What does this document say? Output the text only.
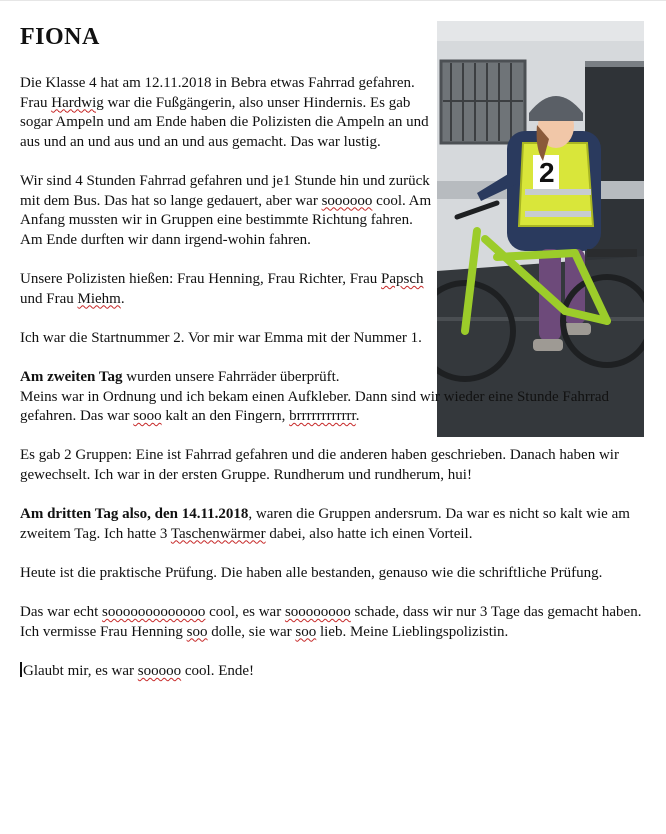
FIONA
2

Die Klasse 4 hat am 12.11.2018 in Bebra etwas Fahrrad gefahren. Frau Hardwig war die Fußgängerin, also unser Hindernis. Es gab sogar Ampeln und am Ende haben die Polizisten die Ampeln an und aus und an und aus und an und aus gemacht. Das war lustig.

Wir sind 4 Stunden Fahrrad gefahren und je1 Stunde hin und zurück mit dem Bus. Das hat so lange gedauert, aber war soooooo cool. Am Anfang mussten wir in Gruppen eine bestimmte Richtung fahren. Am Ende durften wir dann irgend-wohin fahren.

Unsere Polizisten hießen: Frau Henning, Frau Richter, Frau Papsch und Frau Miehm.

Ich war die Startnummer 2. Vor mir war Emma mit der Nummer 1.

Am zweiten Tag wurden unsere Fahrräder überprüft.
Meins war in Ordnung und ich bekam einen Aufkleber. Dann sind wir wieder eine Stunde Fahrrad gefahren. Das war sooo kalt an den Fingern, brrrrrrrrrrrr.

Es gab 2 Gruppen: Eine ist Fahrrad gefahren und die anderen haben geschrieben. Danach haben wir gewechselt. Ich war in der ersten Gruppe. Rundherum und rundherum, hui!

Am dritten Tag also, den 14.11.2018, waren die Gruppen andersrum. Da war es nicht so kalt wie am zweitem Tag. Ich hatte 3 Taschenwärmer dabei, also hatte ich einen Vorteil.

Heute ist die praktische Prüfung. Die haben alle bestanden, genauso wie die schriftliche Prüfung.

Das war echt sooooooooooooo cool, es war soooooooo schade, dass wir nur 3 Tage das gemacht haben. Ich vermisse Frau Henning soo dolle, sie war soo lieb. Meine Lieblingspolizistin.

Glaubt mir, es war sooooo cool. Ende!
